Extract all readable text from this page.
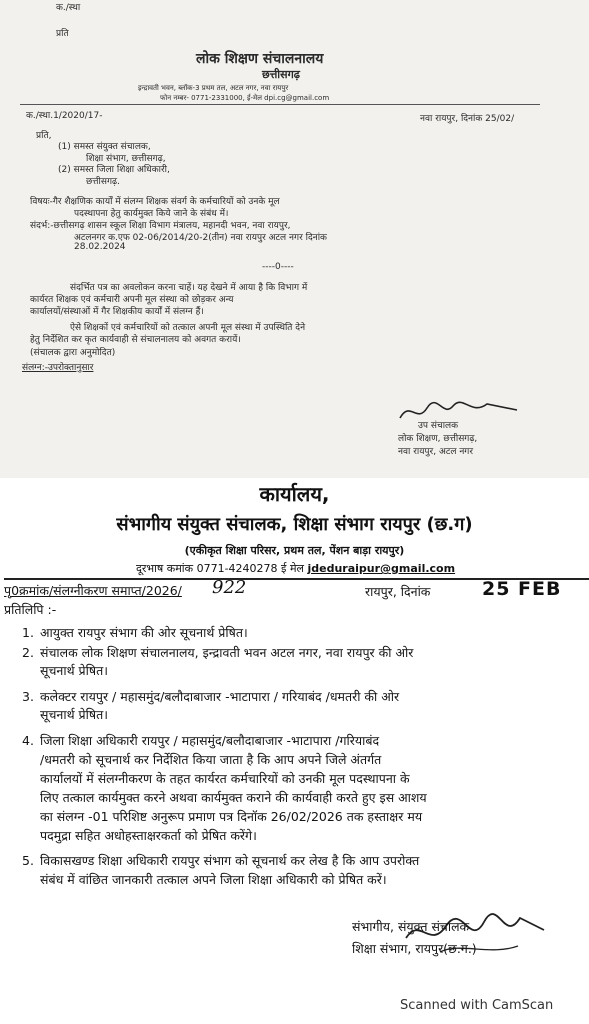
क./स्था
प्रति
लोक शिक्षण संचालनालय
छत्तीसगढ़
इन्द्रावती भवन, ब्लॉक-3 प्रथम तल, अटल नगर, नवा रायपुर
फोन नम्बर- 0771-2331000, ई-मेल dpi.cg@gmail.com
क./स्था.1/2020/17-	नवा रायपुर, दिनांक 25/02/
प्रति,
(1) समस्त संयुक्त संचालक,
शिक्षा संभाग, छत्तीसगढ़,
(2) समस्त जिला शिक्षा अधिकारी,
छत्तीसगढ़.
विषयः-गैर शैक्षणिक कार्यों में संलग्न शिक्षक संवर्ग के कर्मचारियों को उनके मूल
पदस्थापना हेतु कार्यमुक्त किये जाने के संबंध में।
संदर्भ:-छत्तीसगढ़ शासन स्कूल शिक्षा विभाग मंत्रालय, महानदी भवन, नवा रायपुर,
अटलनगर क.एफ 02-06/2014/20-2(तीन) नवा रायपुर अटल नगर दिनांक
28.02.2024
----0----
संदर्भित पत्र का अवलोकन करना चाहें। यह देखने में आया है कि विभाग में
कार्यरत शिक्षक एवं कर्मचारी अपनी मूल संस्था को छोड़कर अन्य
कार्यालयों/संस्थाओं में गैर शिक्षकीय कार्यों में संलग्न हैं।
ऐसे शिक्षकों एवं कर्मचारियों को तत्काल अपनी मूल संस्था में उपस्थिति देने
हेतु निर्देशित कर कृत कार्यवाही से संचालनालय को अवगत करायें।
(संचालक द्वारा अनुमोदित)
संलग्न:-उपरोक्तानुसार
उप संचालक
लोक शिक्षण, छत्तीसगढ़,
नवा रायपुर, अटल नगर
कार्यालय,
संभागीय संयुक्त संचालक, शिक्षा संभाग रायपुर (छ.ग)
(एकीकृत शिक्षा परिसर, प्रथम तल, पेंशन बाड़ा रायपुर)
दूरभाष कमांक 0771-4240278 ई मेल jdeduraipur@gmail.com
पृ0क्रमांक/संलग्नीकरण समाप्त/2026/ 922	रायपुर, दिनांक	25 FEB
प्रतिलिपि :-
1. आयुक्त रायपुर संभाग की ओर सूचनार्थ प्रेषित।
2. संचालक लोक शिक्षण संचालनालय, इन्द्रावती भवन अटल नगर, नवा रायपुर की ओर
सूचनार्थ प्रेषित।
3. कलेक्टर रायपुर / महासमुंद/बलौदाबाजार -भाटापारा / गरियाबंद /धमतरी की ओर
सूचनार्थ प्रेषित।
4. जिला शिक्षा अधिकारी रायपुर / महासमुंद/बलौदाबाजार -भाटापारा /गरियाबंद
/धमतरी को सूचनार्थ कर निर्देशित किया जाता है कि आप अपने जिले अंतर्गत
कार्यालयों में संलग्नीकरण के तहत कार्यरत कर्मचारियों को उनकी मूल पदस्थापना के
लिए तत्काल कार्यमुक्त करने अथवा कार्यमुक्त कराने की कार्यवाही करते हुए इस आशय
का संलग्न -01 परिशिष्ट अनुरूप प्रमाण पत्र दिनॉक 26/02/2026 तक हस्ताक्षर मय
पदमुद्रा सहित अधोहस्ताक्षरकर्ता को प्रेषित करेंगे।
5. विकासखण्ड शिक्षा अधिकारी रायपुर संभाग को सूचनार्थ कर लेख है कि आप उपरोक्त
संबंध में वांछित जानकारी तत्काल अपने जिला शिक्षा अधिकारी को प्रेषित करें।
संभागीय, संयुक्त संचालक
शिक्षा संभाग, रायपुर(छ.ग.)
Scanned with CamScan
